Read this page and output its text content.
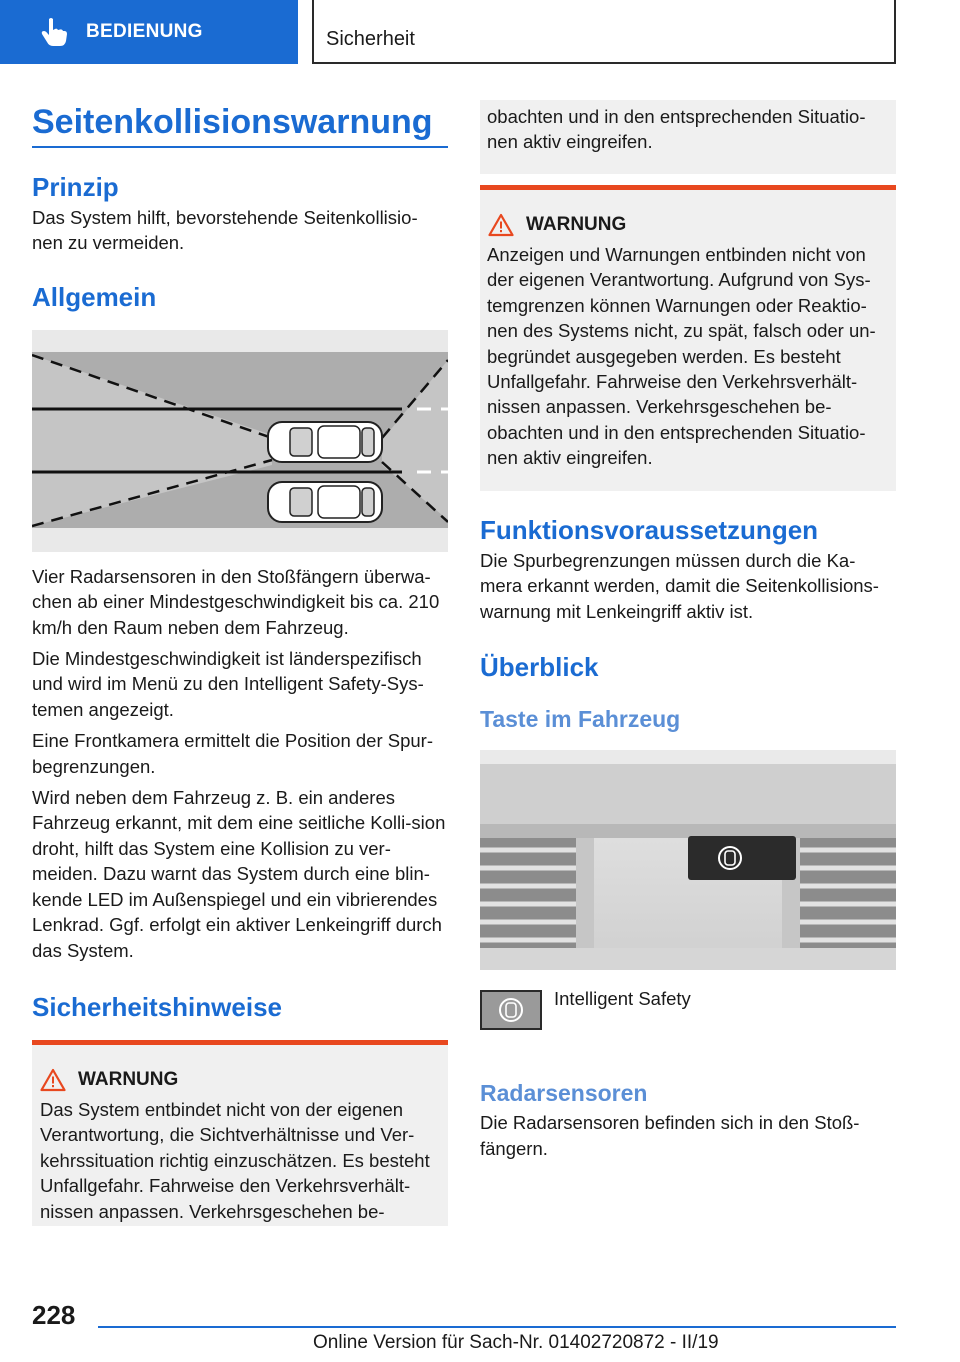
BEDIENUNG	Sicherheit
Seitenkollisionswarnung
Prinzip
Das System hilft, bevorstehende Seitenkollisio-nen zu vermeiden.
Allgemein
Vier Radarsensoren in den Stoßfängern überwa-chen ab einer Mindestgeschwindigkeit bis ca. 210 km/h den Raum neben dem Fahrzeug.
Die Mindestgeschwindigkeit ist länderspezifisch und wird im Menü zu den Intelligent Safety-Sys-temen angezeigt.
Eine Frontkamera ermittelt die Position der Spur-begrenzungen.
Wird neben dem Fahrzeug z. B. ein anderes Fahrzeug erkannt, mit dem eine seitliche Kolli-sion droht, hilft das System eine Kollision zu ver-meiden. Dazu warnt das System durch eine blin-kende LED im Außenspiegel und ein vibrierendes Lenkrad. Ggf. erfolgt ein aktiver Lenkeingriff durch das System.
Sicherheitshinweise
WARNUNG
Das System entbindet nicht von der eigenen Verantwortung, die Sichtverhältnisse und Ver-kehrssituation richtig einzuschätzen. Es besteht Unfallgefahr. Fahrweise den Verkehrsverhält-nissen anpassen. Verkehrsgeschehen be-
obachten und in den entsprechenden Situatio-nen aktiv eingreifen.
WARNUNG
Anzeigen und Warnungen entbinden nicht von der eigenen Verantwortung. Aufgrund von Sys-temgrenzen können Warnungen oder Reaktio-nen des Systems nicht, zu spät, falsch oder un-begründet ausgegeben werden. Es besteht Unfallgefahr. Fahrweise den Verkehrsverhält-nissen anpassen. Verkehrsgeschehen be-obachten und in den entsprechenden Situatio-nen aktiv eingreifen.
Funktionsvoraussetzungen
Die Spurbegrenzungen müssen durch die Ka-mera erkannt werden, damit die Seitenkollisions-warnung mit Lenkeingriff aktiv ist.
Überblick
Taste im Fahrzeug
Intelligent Safety
Radarsensoren
Die Radarsensoren befinden sich in den Stoß-fängern.
228
Online Version für Sach-Nr. 01402720872 - II/19
